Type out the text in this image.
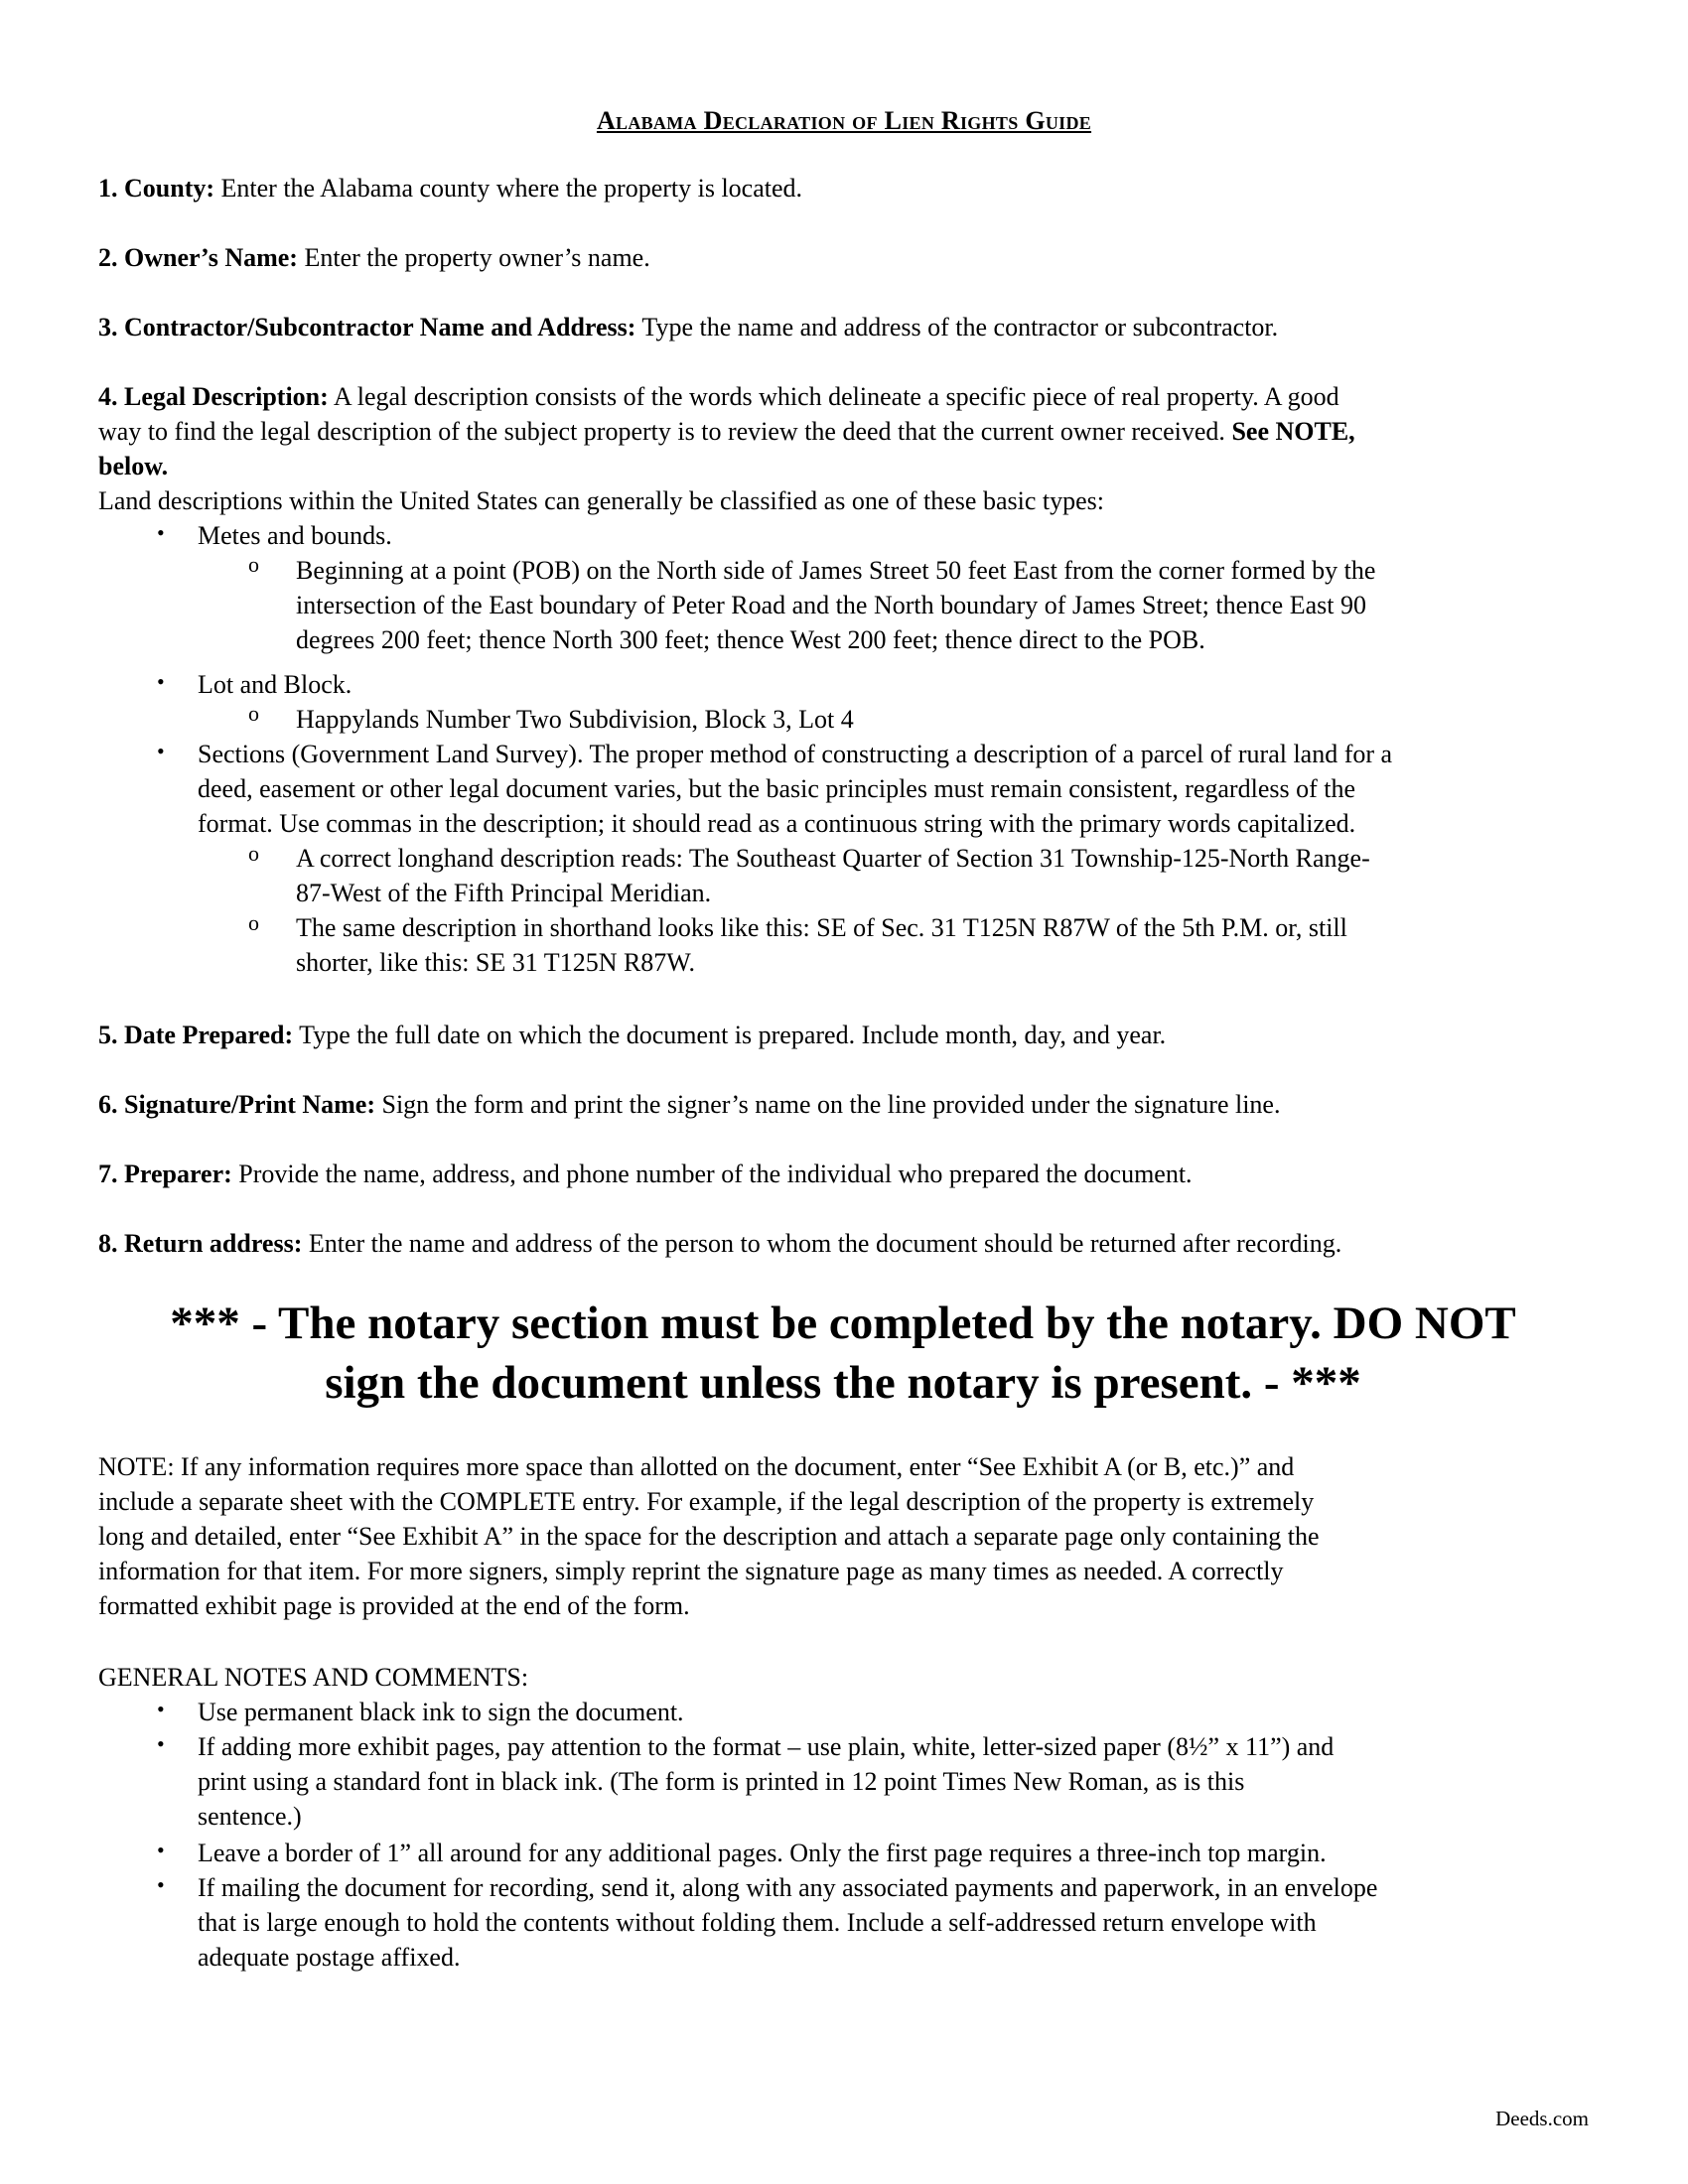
Alabama Declaration of Lien Rights Guide
1. County: Enter the Alabama county where the property is located.
2. Owner’s Name: Enter the property owner’s name.
3. Contractor/Subcontractor Name and Address: Type the name and address of the contractor or subcontractor.
4. Legal Description: A legal description consists of the words which delineate a specific piece of real property. A good
way to find the legal description of the subject property is to review the deed that the current owner received. See NOTE,
below.
Land descriptions within the United States can generally be classified as one of these basic types:
• Metes and bounds.
o Beginning at a point (POB) on the North side of James Street 50 feet East from the corner formed by the
intersection of the East boundary of Peter Road and the North boundary of James Street; thence East 90
degrees 200 feet; thence North 300 feet; thence West 200 feet; thence direct to the POB.
• Lot and Block.
o Happylands Number Two Subdivision, Block 3, Lot 4
• Sections (Government Land Survey). The proper method of constructing a description of a parcel of rural land for a
deed, easement or other legal document varies, but the basic principles must remain consistent, regardless of the
format. Use commas in the description; it should read as a continuous string with the primary words capitalized.
o A correct longhand description reads: The Southeast Quarter of Section 31 Township-125-North Range-
87-West of the Fifth Principal Meridian.
o The same description in shorthand looks like this: SE of Sec. 31 T125N R87W of the 5th P.M. or, still
shorter, like this: SE 31 T125N R87W.
5. Date Prepared: Type the full date on which the document is prepared. Include month, day, and year.
6. Signature/Print Name: Sign the form and print the signer’s name on the line provided under the signature line.
7. Preparer: Provide the name, address, and phone number of the individual who prepared the document.
8. Return address: Enter the name and address of the person to whom the document should be returned after recording.
*** - The notary section must be completed by the notary. DO NOT
sign the document unless the notary is present. - ***
NOTE: If any information requires more space than allotted on the document, enter “See Exhibit A (or B, etc.)” and
include a separate sheet with the COMPLETE entry. For example, if the legal description of the property is extremely
long and detailed, enter “See Exhibit A” in the space for the description and attach a separate page only containing the
information for that item. For more signers, simply reprint the signature page as many times as needed. A correctly
formatted exhibit page is provided at the end of the form.
GENERAL NOTES AND COMMENTS:
• Use permanent black ink to sign the document.
• If adding more exhibit pages, pay attention to the format – use plain, white, letter-sized paper (8½” x 11”) and
print using a standard font in black ink. (The form is printed in 12 point Times New Roman, as is this
sentence.)
• Leave a border of 1” all around for any additional pages. Only the first page requires a three-inch top margin.
• If mailing the document for recording, send it, along with any associated payments and paperwork, in an envelope
that is large enough to hold the contents without folding them. Include a self-addressed return envelope with
adequate postage affixed.
Deeds.com
